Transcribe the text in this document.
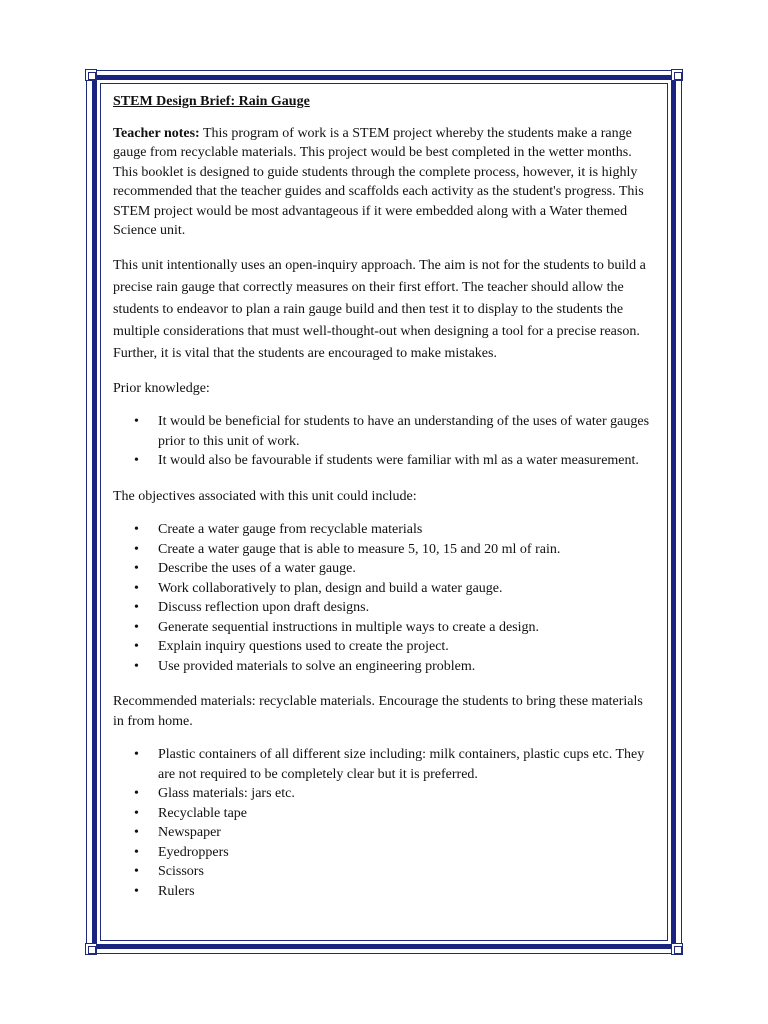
STEM Design Brief: Rain Gauge

Teacher notes: This program of work is a STEM project whereby the students make a range gauge from recyclable materials. This project would be best completed in the wetter months. This booklet is designed to guide students through the complete process, however, it is highly recommended that the teacher guides and scaffolds each activity as the student's progress. This STEM project would be most advantageous if it were embedded along with a Water themed Science unit.

This unit intentionally uses an open-inquiry approach. The aim is not for the students to build a precise rain gauge that correctly measures on their first effort. The teacher should allow the students to endeavor to plan a rain gauge build and then test it to display to the students the multiple considerations that must well-thought-out when designing a tool for a precise reason. Further, it is vital that the students are encouraged to make mistakes.

Prior knowledge:

• It would be beneficial for students to have an understanding of the uses of water gauges prior to this unit of work.
• It would also be favourable if students were familiar with ml as a water measurement.

The objectives associated with this unit could include:

• Create a water gauge from recyclable materials
• Create a water gauge that is able to measure 5, 10, 15 and 20 ml of rain.
• Describe the uses of a water gauge.
• Work collaboratively to plan, design and build a water gauge.
• Discuss reflection upon draft designs.
• Generate sequential instructions in multiple ways to create a design.
• Explain inquiry questions used to create the project.
• Use provided materials to solve an engineering problem.

Recommended materials: recyclable materials. Encourage the students to bring these materials in from home.

• Plastic containers of all different size including: milk containers, plastic cups etc. They are not required to be completely clear but it is preferred.
• Glass materials: jars etc.
• Recyclable tape
• Newspaper
• Eyedroppers
• Scissors
• Rulers
